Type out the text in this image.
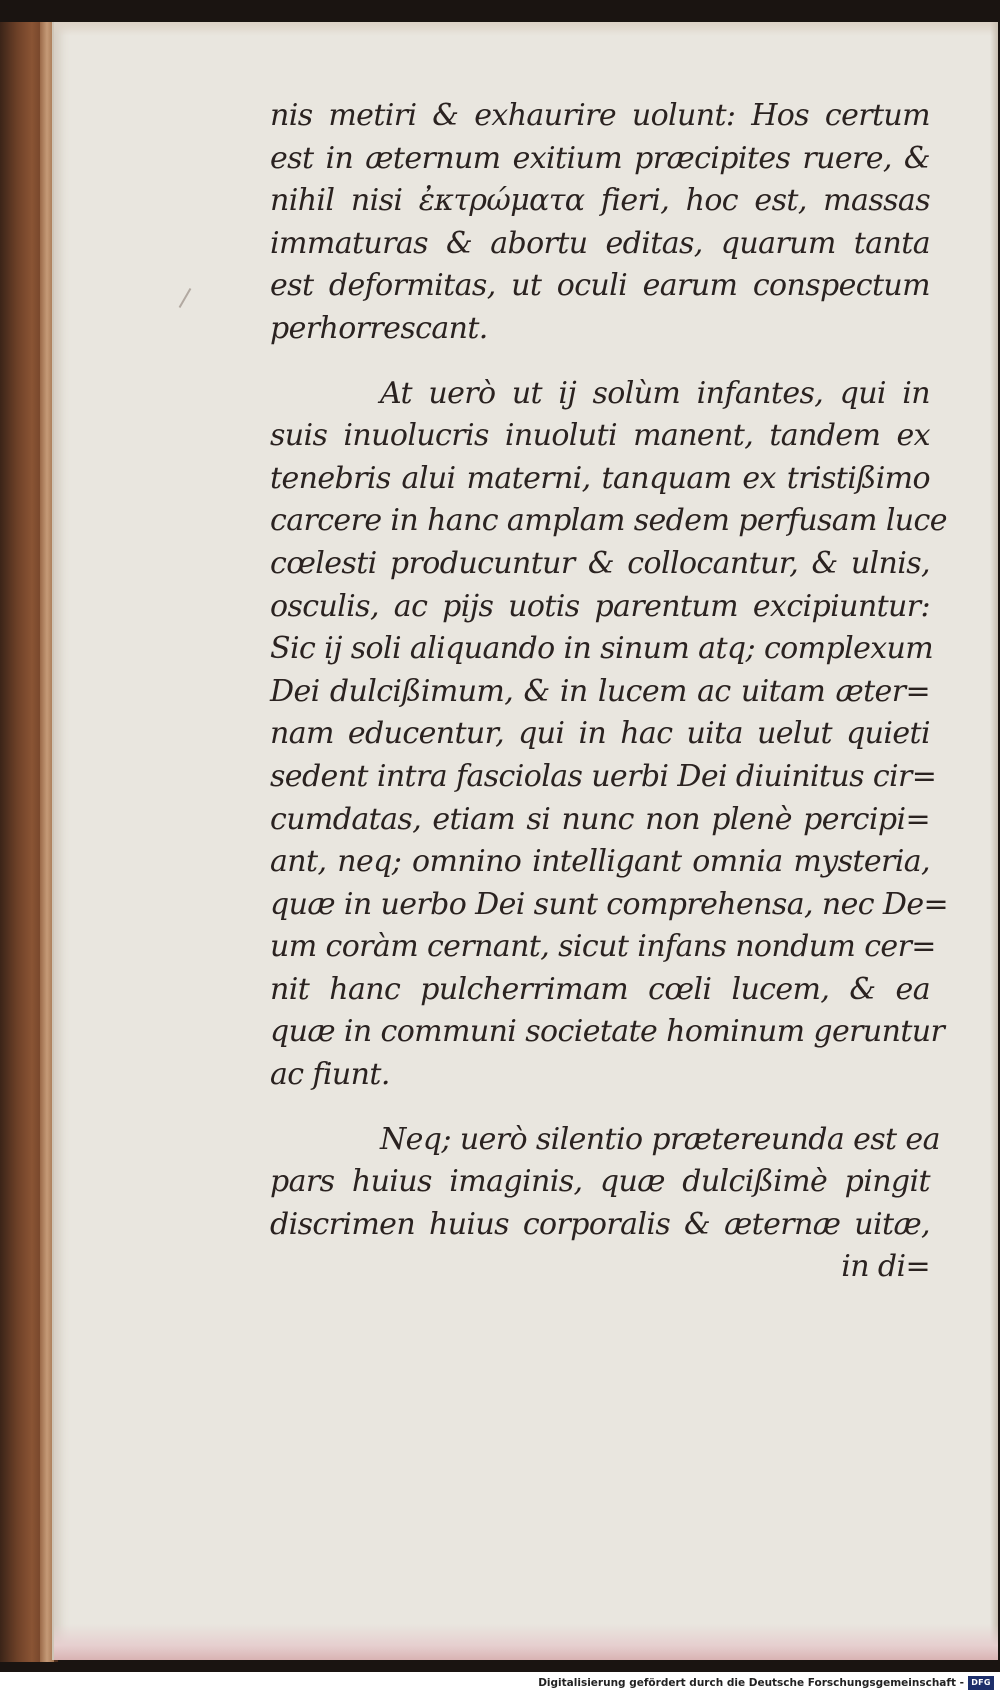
nis metiri & exhaurire uolunt: Hos certum
est in æternum exitium præcipites ruere, &
nihil nisi ἐκτρώματα fieri, hoc est, massas
immaturas & abortu editas, quarum tanta
est deformitas, ut oculi earum conspectum
perhorrescant.
At uerò ut ij solùm infantes, qui in
suis inuolucris inuoluti manent, tandem ex
tenebris alui materni, tanquam ex tristißimo
carcere in hanc amplam sedem perfusam luce
cœlesti producuntur & collocantur, & ulnis,
osculis, ac pijs uotis parentum excipiuntur:
Sic ij soli aliquando in sinum atq; complexum
Dei dulcißimum, & in lucem ac uitam æter=
nam educentur, qui in hac uita uelut quieti
sedent intra fasciolas uerbi Dei diuinitus cir=
cumdatas, etiam si nunc non plenè percipi=
ant, neq; omnino intelligant omnia mysteria,
quæ in uerbo Dei sunt comprehensa, nec De=
um coràm cernant, sicut infans nondum cer=
nit hanc pulcherrimam cœli lucem, & ea
quæ in communi societate hominum geruntur
ac fiunt.
Neq; uerò silentio prætereunda est ea
pars huius imaginis, quæ dulcißimè pingit
discrimen huius corporalis & æternæ uitæ,
in di=
Digitalisierung gefördert durch die Deutsche Forschungsgemeinschaft - DFG
